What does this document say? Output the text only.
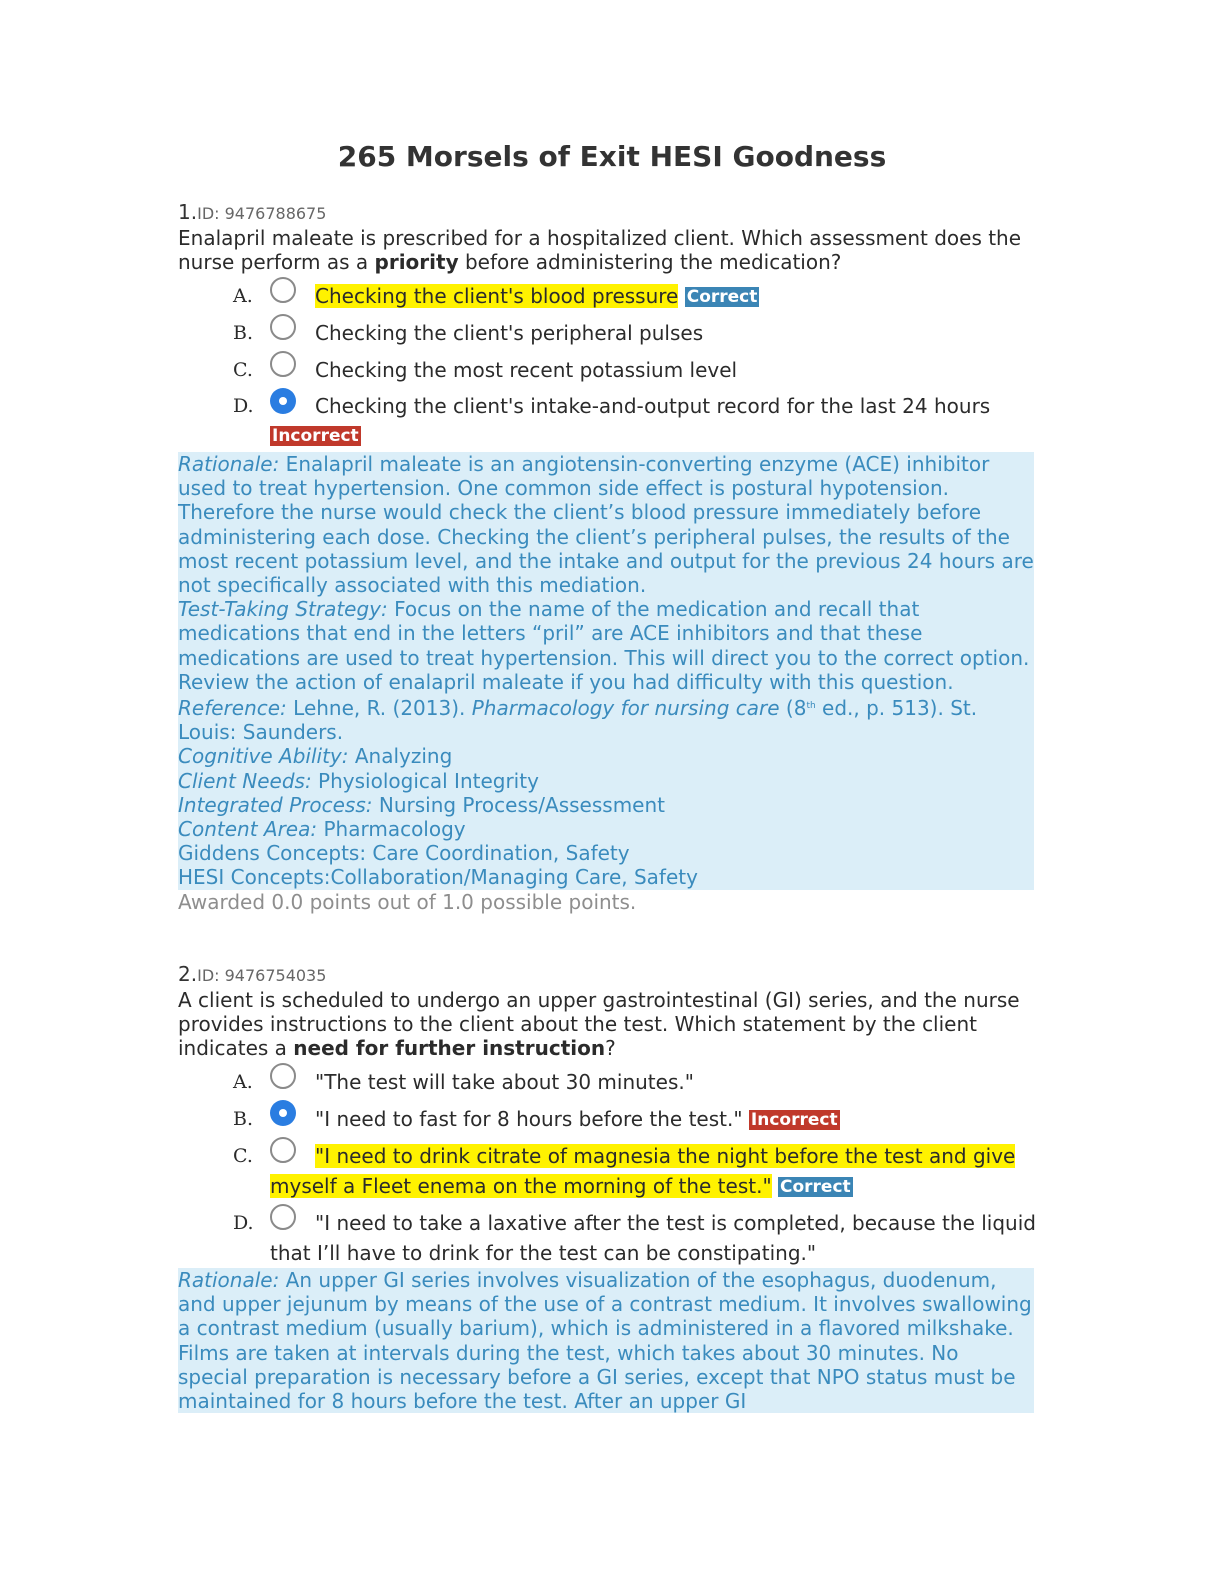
265 Morsels of Exit HESI Goodness
1.ID: 9476788675

Enalapril maleate is prescribed for a hospitalized client. Which assessment does the nurse perform as a priority before administering the medication?

A.	Checking the client's blood pressure Correct
B.	Checking the client's peripheral pulses
C.	Checking the most recent potassium level
D.	Checking the client's intake-and-output record for the last 24 hours Incorrect

Rationale: Enalapril maleate is an angiotensin-converting enzyme (ACE) inhibitor used to treat hypertension. One common side effect is postural hypotension. Therefore the nurse would check the client’s blood pressure immediately before administering each dose. Checking the client’s peripheral pulses, the results of the most recent potassium level, and the intake and output for the previous 24 hours are not specifically associated with this mediation.

Test-Taking Strategy: Focus on the name of the medication and recall that medications that end in the letters “pril” are ACE inhibitors and that these medications are used to treat hypertension. This will direct you to the correct option. Review the action of enalapril maleate if you had difficulty with this question.

Reference: Lehne, R. (2013). Pharmacology for nursing care (8th ed., p. 513). St. Louis: Saunders.

Cognitive Ability: Analyzing

Client Needs: Physiological Integrity

Integrated Process: Nursing Process/Assessment

Content Area: Pharmacology

Giddens Concepts: Care Coordination, Safety

HESI Concepts:Collaboration/Managing Care, Safety

Awarded 0.0 points out of 1.0 possible points.
2.ID: 9476754035

A client is scheduled to undergo an upper gastrointestinal (GI) series, and the nurse provides instructions to the client about the test. Which statement by the client indicates a need for further instruction?

A.	"The test will take about 30 minutes."
B.	"I need to fast for 8 hours before the test." Incorrect
C.	"I need to drink citrate of magnesia the night before the test and give myself a Fleet enema on the morning of the test." Correct
D.	"I need to take a laxative after the test is completed, because the liquid that I’ll have to drink for the test can be constipating."

Rationale: An upper GI series involves visualization of the esophagus, duodenum, and upper jejunum by means of the use of a contrast medium. It involves swallowing a contrast medium (usually barium), which is administered in a flavored milkshake. Films are taken at intervals during the test, which takes about 30 minutes. No special preparation is necessary before a GI series, except that NPO status must be maintained for 8 hours before the test. After an upper GI
